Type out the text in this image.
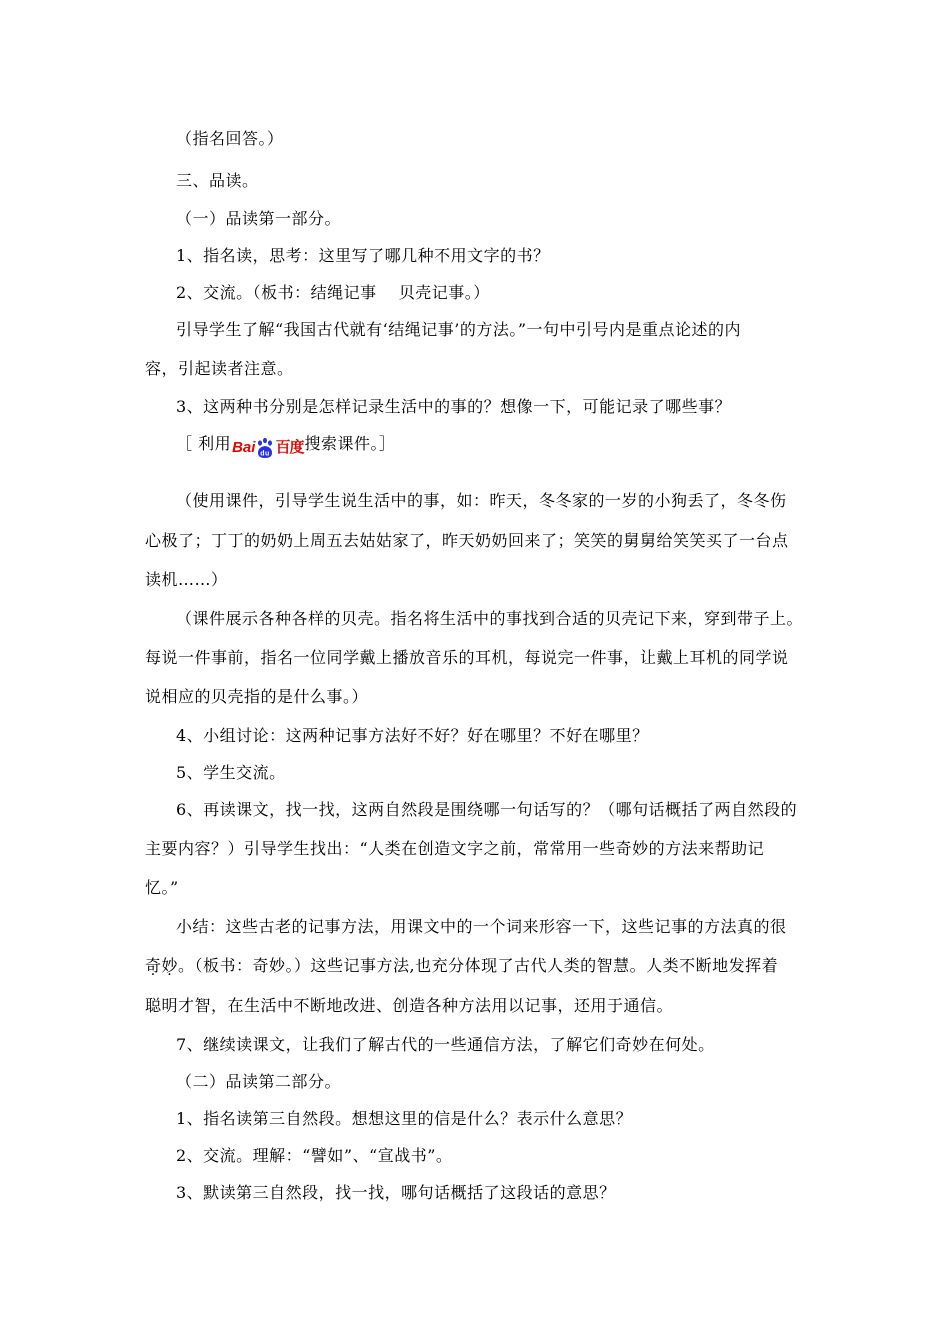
（指名回答。）
三、品读。
（一）品读第一部分。
1、指名读，思考：这里写了哪几种不用文字的书？
2、交流。（板书：结绳记事 贝壳记事。）
引导学生了解“我国古代就有‘结绳记事’的方法。”一句中引号内是重点论述的内
容，引起读者注意。
3、这两种书分别是怎样记录生活中的事的？想像一下，可能记录了哪些事？
［ 利用 Bai du 百度 搜索课件。］
（使用课件，引导学生说生活中的事，如：昨天，冬冬家的一岁的小狗丢了，冬冬伤
心极了；丁丁的奶奶上周五去姑姑家了，昨天奶奶回来了；笑笑的舅舅给笑笑买了一台点
读机……）
（课件展示各种各样的贝壳。指名将生活中的事找到合适的贝壳记下来，穿到带子上。
每说一件事前，指名一位同学戴上播放音乐的耳机，每说完一件事，让戴上耳机的同学说
说相应的贝壳指的是什么事。）
4、小组讨论：这两种记事方法好不好？好在哪里？不好在哪里？
5、学生交流。
6、再读课文，找一找，这两自然段是围绕哪一句话写的？（哪句话概括了两自然段的
主要内容？）引导学生找出：“人类在创造文字之前，常常用一些奇妙的方法来帮助记
忆。”
小结：这些古老的记事方法，用课文中的一个词来形容一下，这些记事的方法真的很
奇妙。（板书：奇妙。）这些记事方法,也充分体现了古代人类的智慧。人类不断地发挥着
聪明才智，在生活中不断地改进、创造各种方法用以记事，还用于通信。
7、继续读课文，让我们了解古代的一些通信方法，了解它们奇妙在何处。
（二）品读第二部分。
1、指名读第三自然段。想想这里的信是什么？表示什么意思？
2、交流。理解：“譬如”、“宣战书”。
3、默读第三自然段，找一找，哪句话概括了这段话的意思？
